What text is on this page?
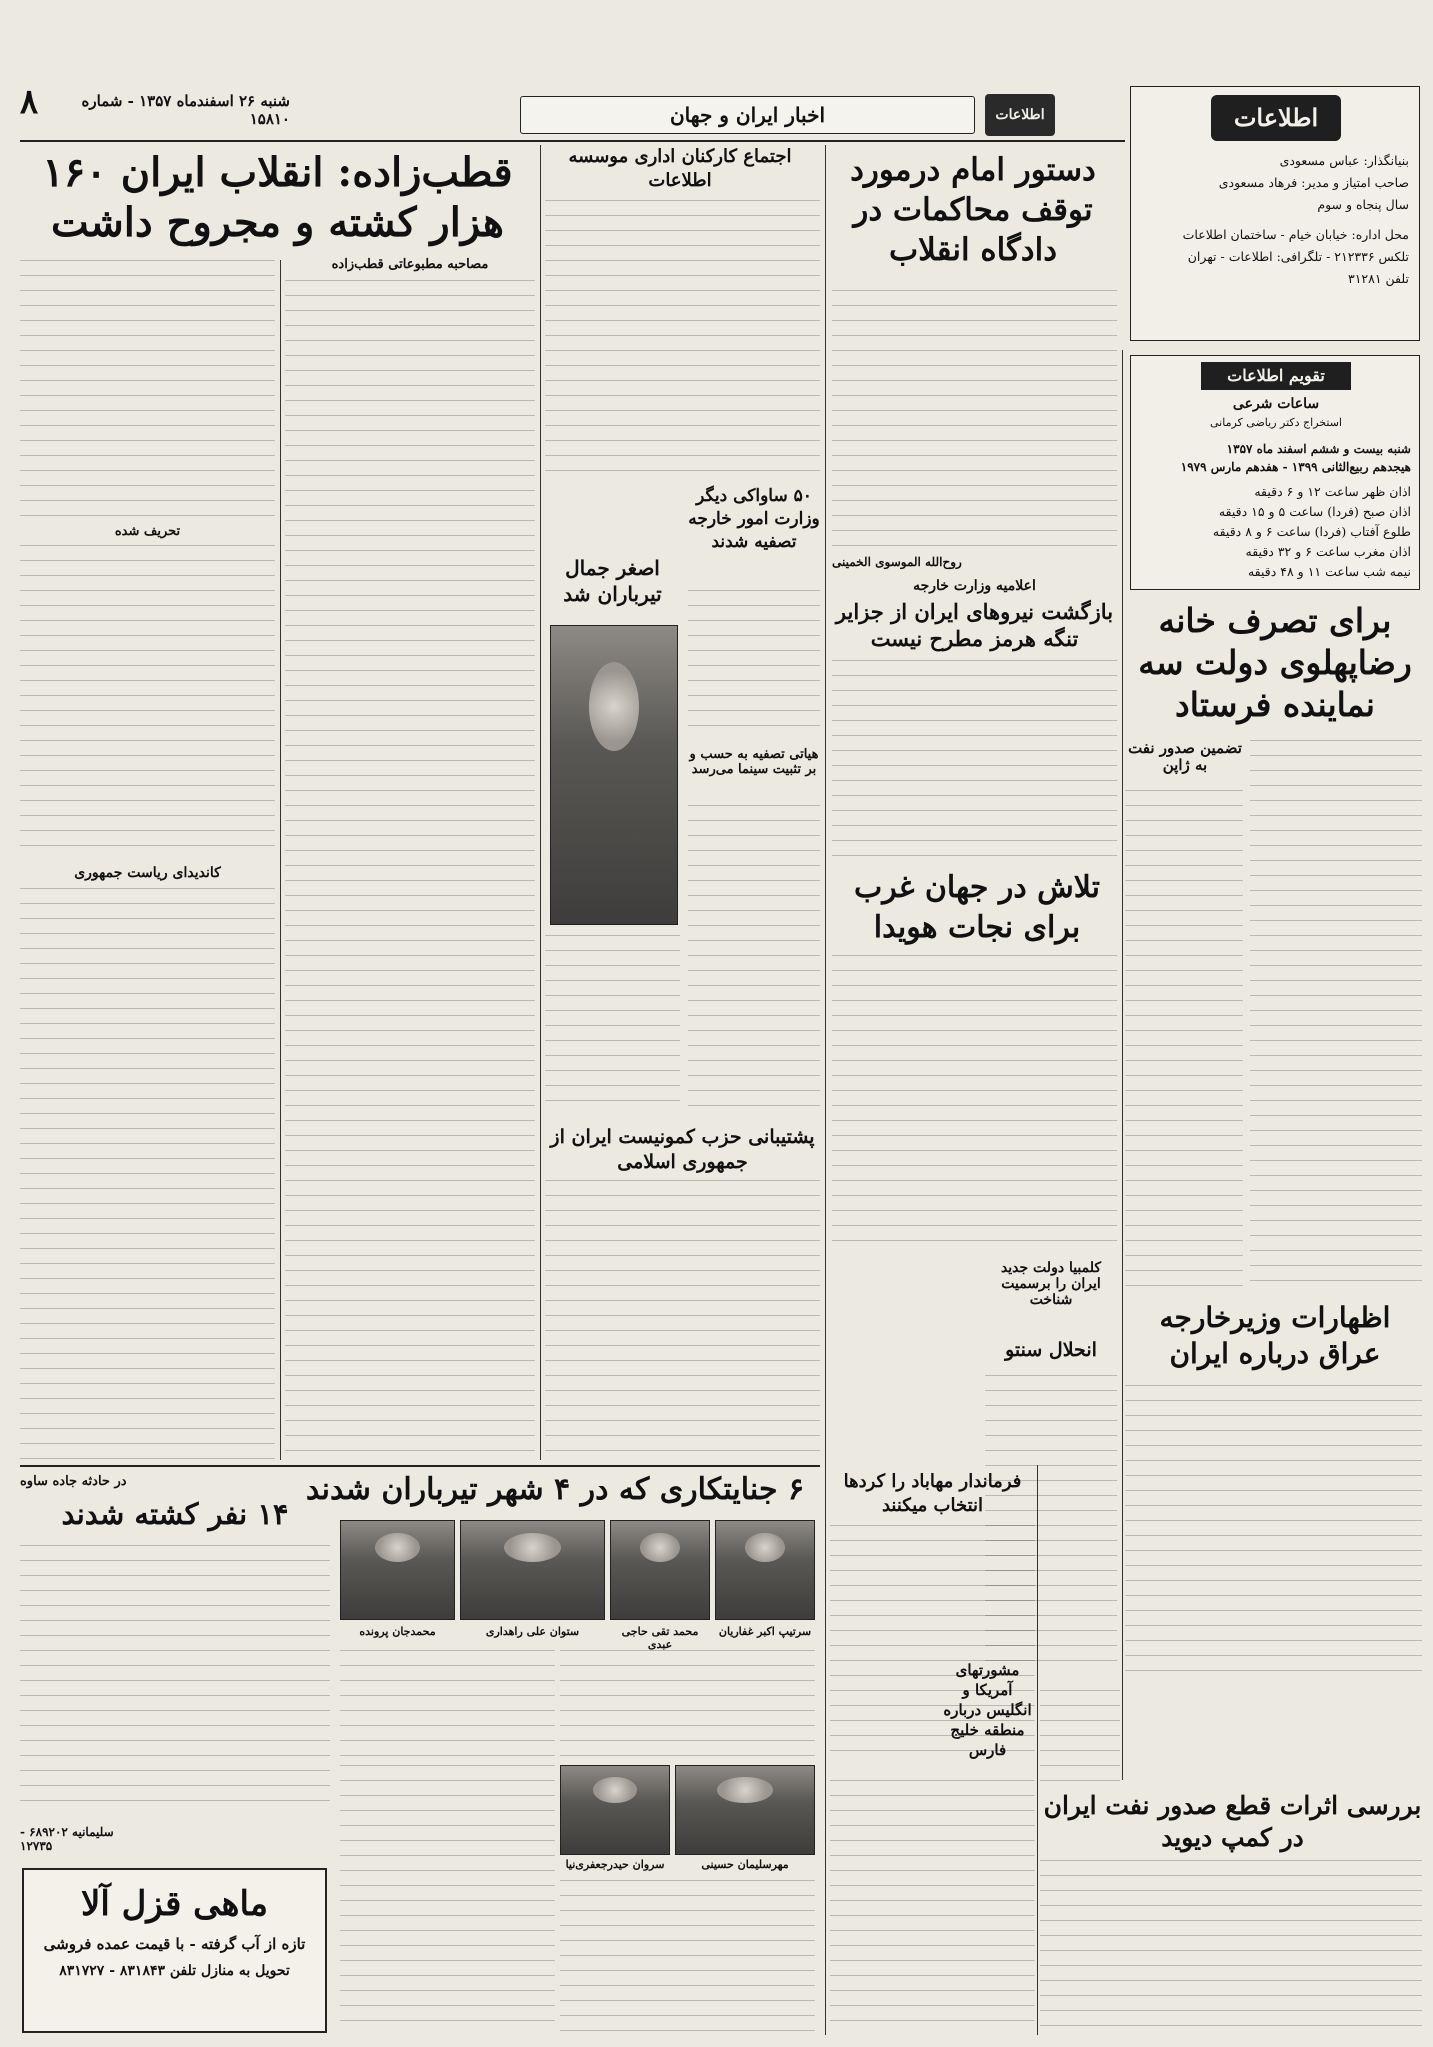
شنبه ۲۶ اسفندماه ۱۳۵۷ - شماره ۱۵۸۱۰
۸	اخبار ایران و جهان	اطلاعات	اطلاعات
بنیانگذار: عباس مسعودی
صاحب امتیاز و مدیر: فرهاد مسعودی
سال پنجاه و سوم
محل اداره: خیابان خیام - ساختمان اطلاعات
تلکس ۲۱۲۳۳۶ - تلگرافی: اطلاعات - تهران
تلفن ۳۱۲۸۱
تقویم اطلاعات
ساعات شرعی
استخراج دکتر ریاضی کرمانی
شنبه بیست و ششم اسفند ماه ۱۳۵۷
هیجدهم ربیع‌الثانی ۱۳۹۹ - هفدهم مارس ۱۹۷۹
اذان ظهر ساعت ۱۲ و ۶ دقیقه
اذان صبح (فردا) ساعت ۵ و ۱۵ دقیقه
طلوع آفتاب (فردا) ساعت ۶ و ۸ دقیقه
اذان مغرب ساعت ۶ و ۳۲ دقیقه
نیمه شب ساعت ۱۱ و ۴۸ دقیقه
برای تصرف خانه رضاپهلوی دولت سه نماینده فرستاد
تضمین صدور نفت به ژاپن
اظهارات وزیرخارجه عراق درباره ایران
بررسی اثرات قطع صدور نفت ایران در کمپ دیوید
دستور امام درمورد توقف محاکمات در دادگاه انقلاب
روح‌الله الموسوی الخمینی
اعلامیه وزارت خارجه
بازگشت نیروهای ایران از جزایر تنگه هرمز مطرح نیست
تلاش در جهان غرب برای نجات هویدا
کلمبیا دولت جدید ایران را برسمیت شناخت
انحلال سنتو
اجتماع کارکنان اداری موسسه اطلاعات
۵۰ ساواکی دیگر وزارت امور خارجه تصفیه شدند
هیاتی تصفیه به حسب و بر تثبیت سینما می‌رسد
اصغر جمال تیرباران شد
پشتیبانی حزب کمونیست ایران از جمهوری اسلامی
قطب‌زاده: انقلاب ایران ۱۶۰ هزار کشته و مجروح داشت
مصاحبه مطبوعاتی قطب‌زاده
تحریف شده
کاندیدای ریاست جمهوری
۶ جنایتکاری که در ۴ شهر تیرباران شدند
سرتیپ اکبر غفاریان
محمد تقی حاجی عبدی
ستوان علی راهداری
محمدجان پرونده
سروان حیدرجعفری‌نیا	مهرسلیمان حسینی
در حادثه جاده ساوه
۱۴ نفر کشته شدند
سلیمانیه ۶۸۹۲۰۲ - ۱۲۷۳۵
ماهی قزل آلا
تازه از آب گرفته - با قیمت عمده فروشی
تحویل به منازل تلفن ۸۳۱۸۴۳ - ۸۳۱۷۲۷
فرماندار مهاباد را کردها انتخاب میکنند
مشورتهای آمریکا و انگلیس درباره منطقه خلیج فارس
